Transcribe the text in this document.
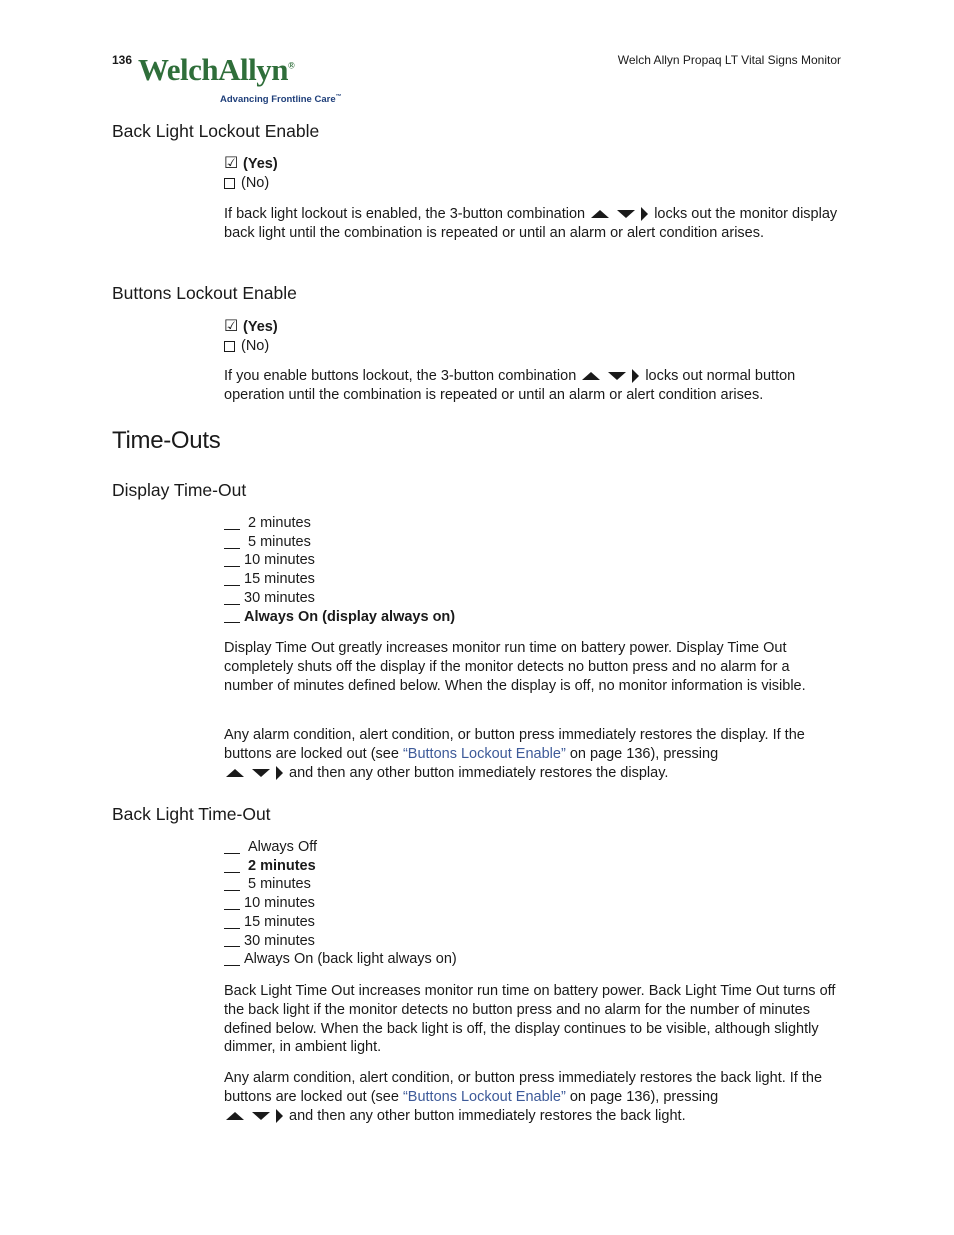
136 WelchAllyn®
Advancing Frontline Care™
Welch Allyn Propaq LT Vital Signs Monitor
Back Light Lockout Enable
☑ (Yes)
(No)

If back light lockout is enabled, the 3-button combination	locks out the monitor display back light until the combination is repeated or until an alarm or alert condition arises.

Buttons Lockout Enable
☑ (Yes)
(No)

If you enable buttons lockout, the 3-button combination	locks out normal button operation until the combination is repeated or until an alarm or alert condition arises.

Time-Outs
Display Time-Out
2 minutes
5 minutes
10 minutes
15 minutes
30 minutes
Always On (display always on)

Display Time Out greatly increases monitor run time on battery power. Display Time Out completely shuts off the display if the monitor detects no button press and no alarm for a number of minutes defined below. When the display is off, no monitor information is visible.

Any alarm condition, alert condition, or button press immediately restores the display. If the buttons are locked out (see “Buttons Lockout Enable” on page 136), pressing
and then any other button immediately restores the display.

Back Light Time-Out
Always Off
2 minutes
5 minutes
10 minutes
15 minutes
30 minutes
Always On (back light always on)

Back Light Time Out increases monitor run time on battery power. Back Light Time Out turns off the back light if the monitor detects no button press and no alarm for the number of minutes defined below. When the back light is off, the display continues to be visible, although slightly dimmer, in ambient light.

Any alarm condition, alert condition, or button press immediately restores the back light. If the buttons are locked out (see “Buttons Lockout Enable” on page 136), pressing
and then any other button immediately restores the back light.
